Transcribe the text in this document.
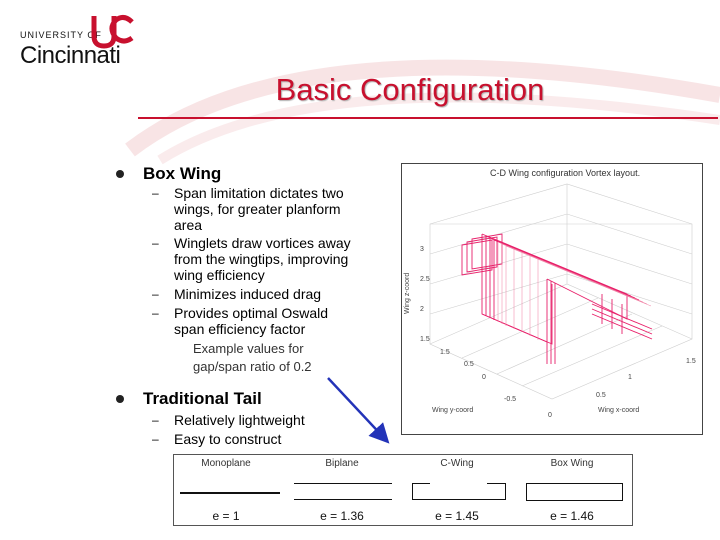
UNIVERSITY OF
Cincinnati
Basic Configuration
Box Wing
– Span limitation dictates two
wings, for greater planform
area
– Winglets draw vortices away
from the wingtips, improving
wing efficiency
– Minimizes induced drag
– Provides optimal Oswald
span efficiency factor
Example values for
gap/span ratio of 0.2
Traditional Tail
– Relatively lightweight
– Easy to construct
C-D Wing configuration Vortex layout.
Wing z-coord
3
2.5
2
1.5
1.5
0.5
0
-0.5
Wing y-coord
0.5
1
1.5
0
Wing x-coord
Monoplane	Biplane	C-Wing	Box Wing
e = 1	e = 1.36	e = 1.45	e = 1.46
